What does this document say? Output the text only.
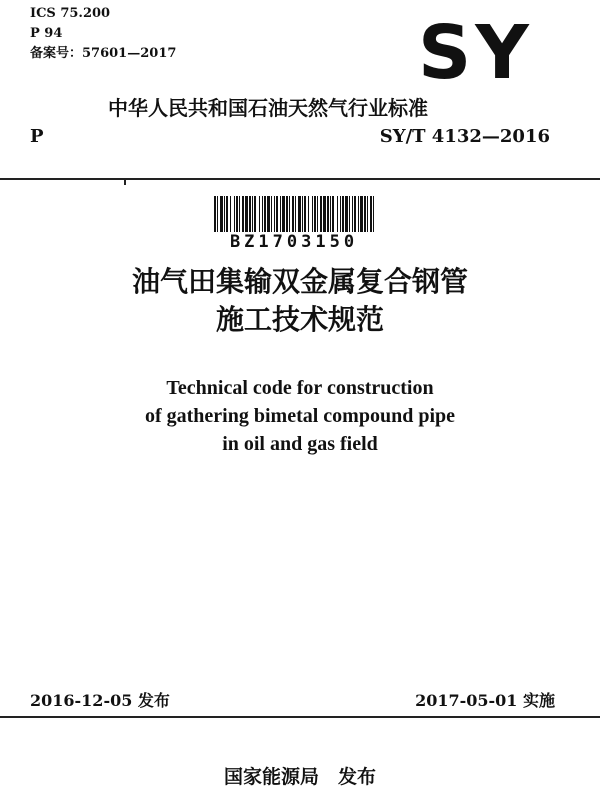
ICS 75.200
P 94
备案号：57601—2017	SY
中华人民共和国石油天然气行业标准
P	SY/T 4132—2016
BZ1703150
油气田集输双金属复合钢管
施工技术规范
Technical code for construction
of gathering bimetal compound pipe
in oil and gas field
2016-12-05 发布	2017-05-01 实施
国家能源局　发布
